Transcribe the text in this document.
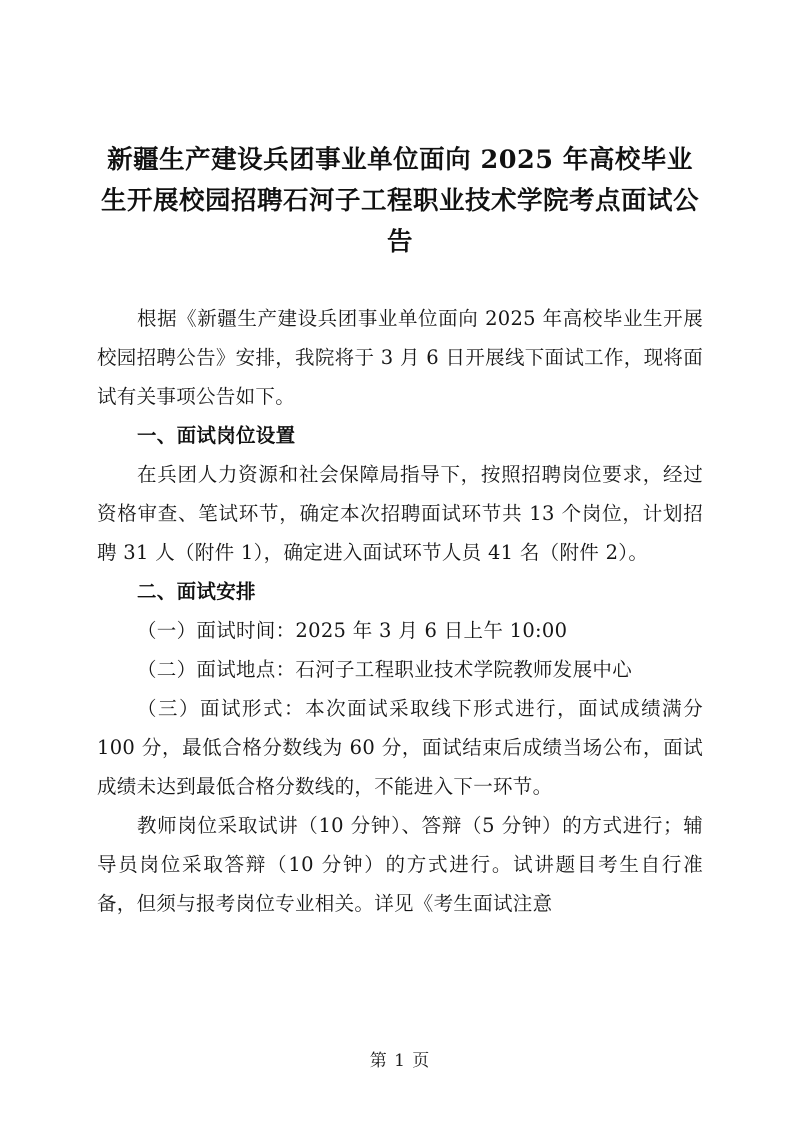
新疆生产建设兵团事业单位面向 2025 年高校毕业生开展校园招聘石河子工程职业技术学院考点面试公告

根据《新疆生产建设兵团事业单位面向 2025 年高校毕业生开展校园招聘公告》安排，我院将于 3 月 6 日开展线下面试工作，现将面试有关事项公告如下。

一、面试岗位设置

在兵团人力资源和社会保障局指导下，按照招聘岗位要求，经过资格审查、笔试环节，确定本次招聘面试环节共 13 个岗位，计划招聘 31 人（附件 1），确定进入面试环节人员 41 名（附件 2）。

二、面试安排

（一）面试时间：2025 年 3 月 6 日上午 10:00

（二）面试地点：石河子工程职业技术学院教师发展中心

（三）面试形式：本次面试采取线下形式进行，面试成绩满分 100 分，最低合格分数线为 60 分，面试结束后成绩当场公布，面试成绩未达到最低合格分数线的，不能进入下一环节。

教师岗位采取试讲（10 分钟）、答辩（5 分钟）的方式进行；辅导员岗位采取答辩（10 分钟）的方式进行。试讲题目考生自行准备，但须与报考岗位专业相关。详见《考生面试注意

第 1 页
